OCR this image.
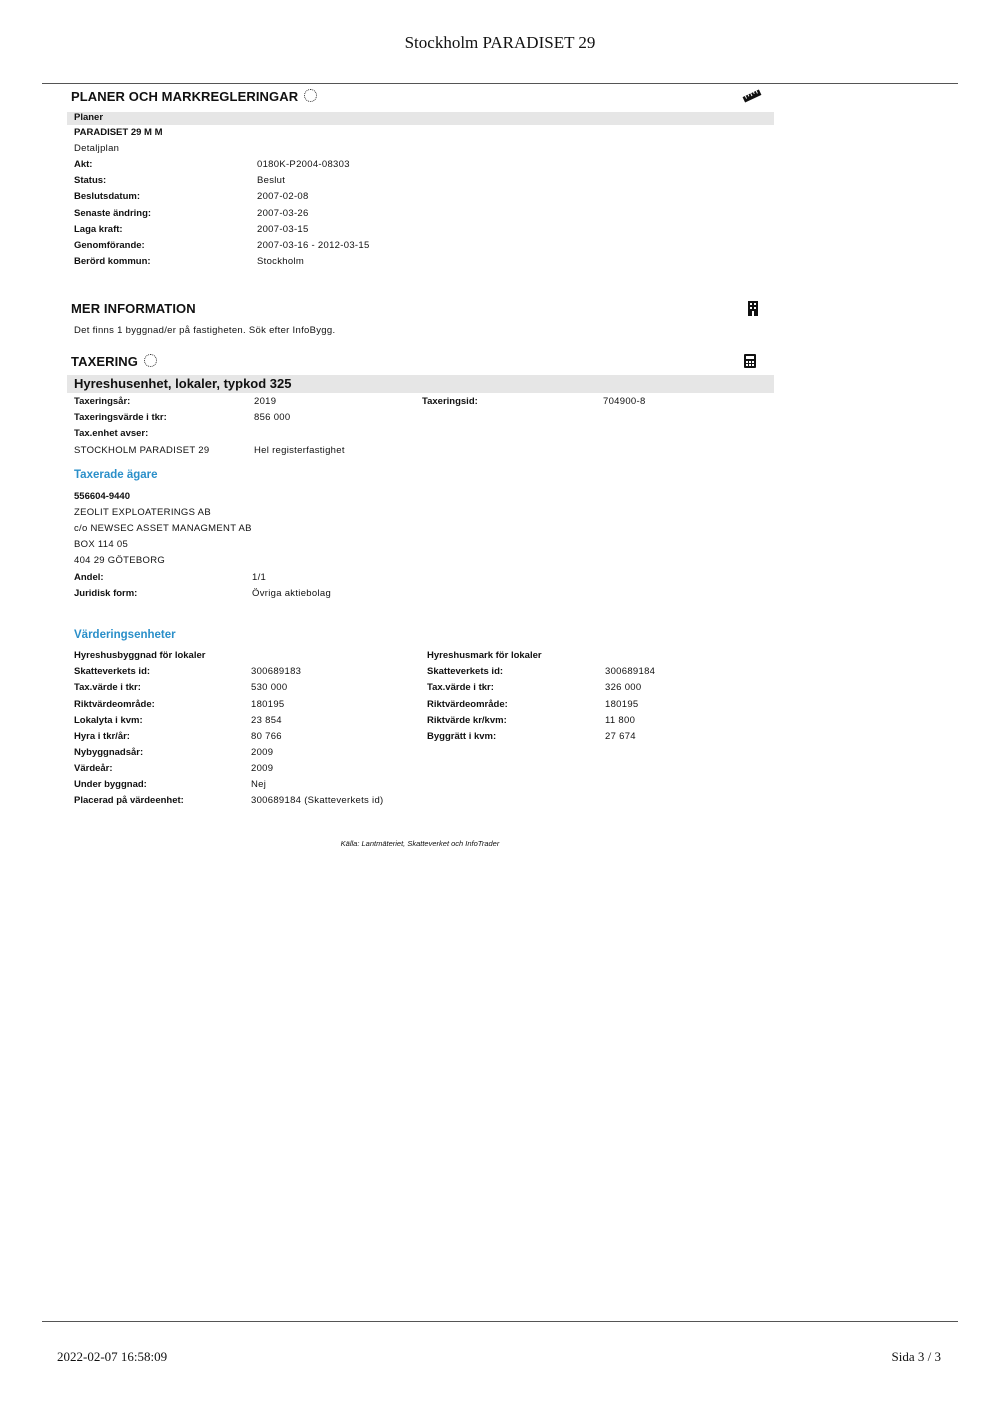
Stockholm PARADISET 29
PLANER OCH MARKREGLERINGAR
Planer
PARADISET 29 M M
Detaljplan
Akt:	0180K-P2004-08303
Status:	Beslut
Beslutsdatum:	2007-02-08
Senaste ändring:	2007-03-26
Laga kraft:	2007-03-15
Genomförande:	2007-03-16 - 2012-03-15
Berörd kommun:	Stockholm
MER INFORMATION
Det finns 1 byggnad/er på fastigheten. Sök efter InfoBygg.
TAXERING
Hyreshusenhet, lokaler, typkod 325
Taxeringsår:	2019	Taxeringsid:	704900-8
Taxeringsvärde i tkr:	856 000
Tax.enhet avser:
STOCKHOLM PARADISET 29	Hel registerfastighet
Taxerade ägare
556604-9440
ZEOLIT EXPLOATERINGS AB
c/o NEWSEC ASSET MANAGMENT AB
BOX 114 05
404 29 GÖTEBORG
Andel:	1/1
Juridisk form:	Övriga aktiebolag
Värderingsenheter
Hyreshusbyggnad för lokaler
Skatteverkets id:	300689183
Tax.värde i tkr:	530 000
Riktvärdeområde:	180195
Lokalyta i kvm:	23 854
Hyra i tkr/år:	80 766
Nybyggnadsår:	2009
Värdeår:	2009
Under byggnad:	Nej
Placerad på värdeenhet:	300689184 (Skatteverkets id)
Hyreshusmark för lokaler
Skatteverkets id:	300689184
Tax.värde i tkr:	326 000
Riktvärdeområde:	180195
Riktvärde kr/kvm:	11 800
Byggrätt i kvm:	27 674
Källa: Lantmäteriet, Skatteverket och InfoTrader
2022-02-07 16:58:09	Sida 3 / 3
